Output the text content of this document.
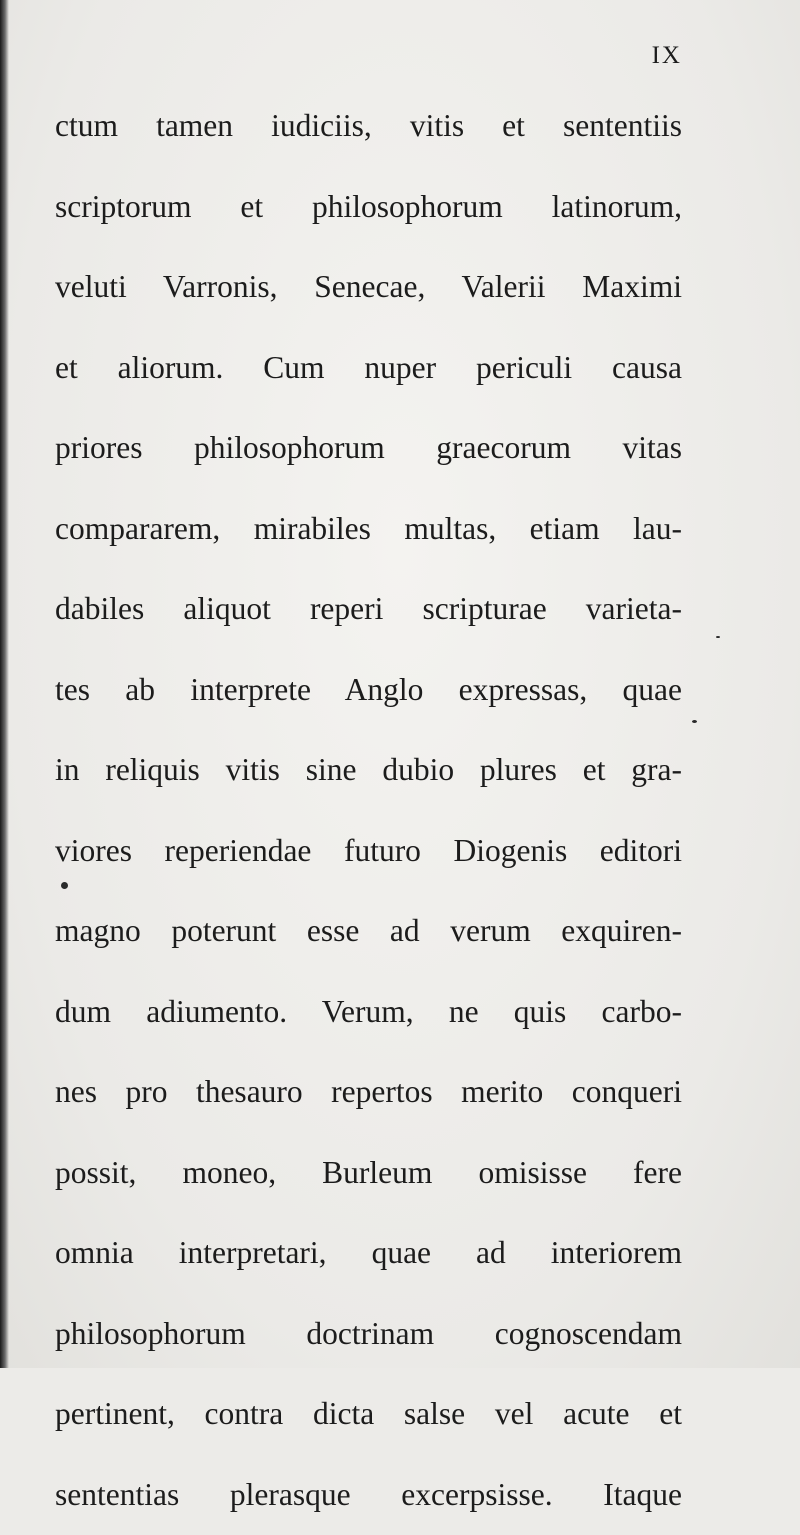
IX
ctum tamen iudiciis, vitis et sententiis
scriptorum et philosophorum latinorum,
veluti Varronis, Senecae, Valerii Maximi
et aliorum. Cum nuper periculi causa
priores philosophorum graecorum vitas
compararem, mirabiles multas, etiam lau-
dabiles aliquot reperi scripturae varieta-
tes ab interprete Anglo expressas, quae
in reliquis vitis sine dubio plures et gra-
viores reperiendae futuro Diogenis editori
magno poterunt esse ad verum exquiren-
dum adiumento. Verum, ne quis carbo-
nes pro thesauro repertos merito conqueri
possit, moneo, Burleum omisisse fere
omnia interpretari, quae ad interiorem
philosophorum doctrinam cognoscendam
pertinent, contra dicta salse vel acute et
sententias plerasque excerpsisse. Itaque
